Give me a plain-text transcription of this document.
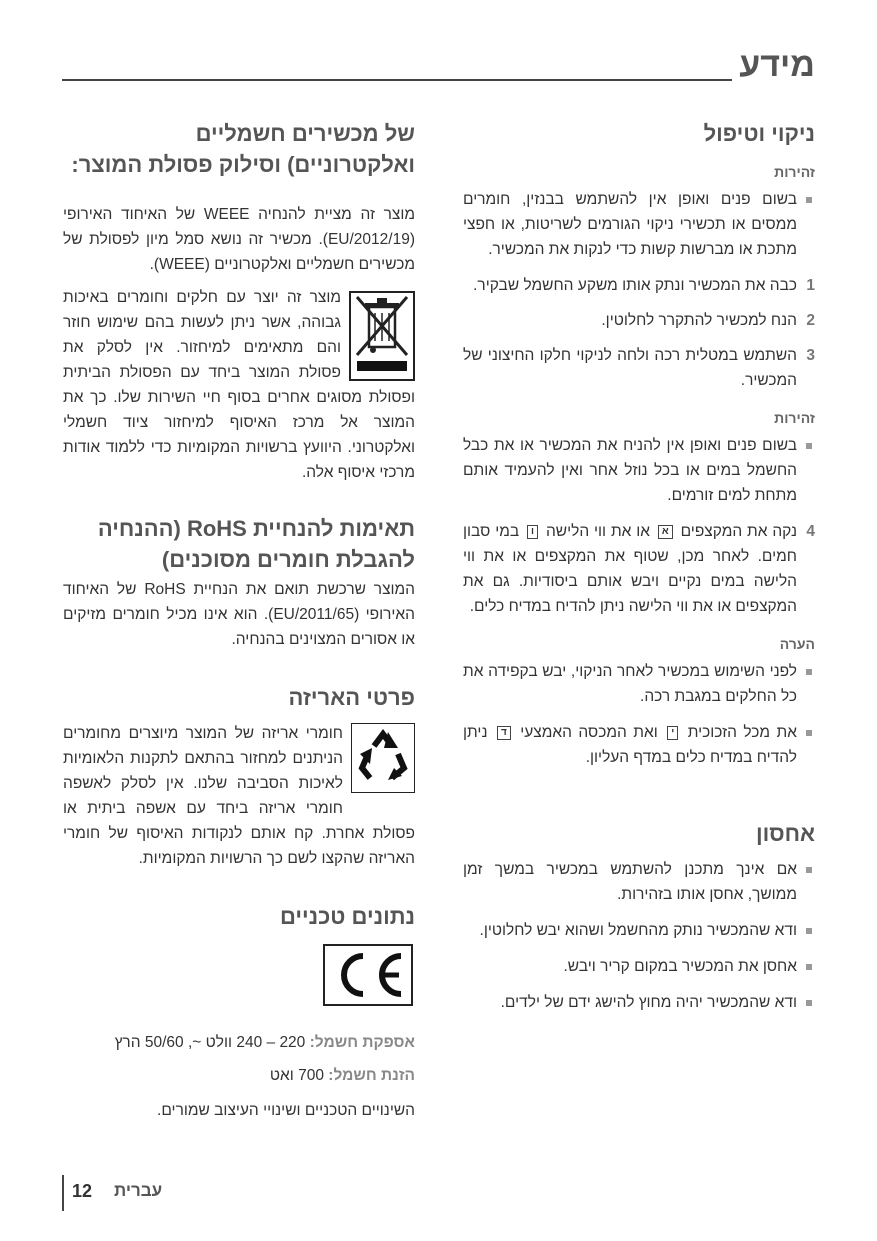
מידע
ניקוי וטיפול
זהירות
בשום פנים ואופן אין להשתמש בבנזין, חומרים ממסים או תכשירי ניקוי הגורמים לשריטות, או חפצי מתכת או מברשות קשות כדי לנקות את המכשיר.
1
כבה את המכשיר ונתק אותו משקע החשמל שבקיר.
2
הנח למכשיר להתקרר לחלוטין.
3
השתמש במטלית רכה ולחה לניקוי חלקו החיצוני של המכשיר.
זהירות
בשום פנים ואופן אין להניח את המכשיר או את כבל החשמל במים או בכל נוזל אחר ואין להעמיד אותם מתחת למים זורמים.
4
נקה את המקצפים א או את ווי הלישה ו במי סבון חמים. לאחר מכן, שטוף את המקצפים או את ווי הלישה במים נקיים ויבש אותם ביסודיות. גם את המקצפים או את ווי הלישה ניתן להדיח במדיח כלים.
הערה
לפני השימוש במכשיר לאחר הניקוי, יבש בקפידה את כל החלקים במגבת רכה.
את מכל הזכוכית י ואת המכסה האמצעי ד ניתן להדיח במדיח כלים במדף העליון.
אחסון
אם אינך מתכנן להשתמש במכשיר במשך זמן ממושך, אחסן אותו בזהירות.
ודא שהמכשיר נותק מהחשמל ושהוא יבש לחלוטין.
אחסן את המכשיר במקום קריר ויבש.
ודא שהמכשיר יהיה מחוץ להישג ידם של ילדים.
של מכשירים חשמליים ואלקטרוניים) וסילוק פסולת המוצר:

מוצר זה מציית להנחיה WEEE של האיחוד האירופי (EU/2012/19). מכשיר זה נושא סמל מיון לפסולת של מכשירים חשמליים ואלקטרוניים (WEEE).

מוצר זה יוצר עם חלקים וחומרים באיכות גבוהה, אשר ניתן לעשות בהם שימוש חוזר והם מתאימים למיחזור. אין לסלק את פסולת המוצר ביחד עם הפסולת הביתית ופסולת מסוגים אחרים בסוף חיי השירות שלו. כך את המוצר אל מרכז האיסוף למיחזור ציוד חשמלי ואלקטרוני. היוועץ ברשויות המקומיות כדי ללמוד אודות מרכזי איסוף אלה.

תאימות להנחיית RoHS (ההנחיה להגבלת חומרים מסוכנים)

המוצר שרכשת תואם את הנחיית RoHS של האיחוד האירופי (EU/2011/65). הוא אינו מכיל חומרים מזיקים או אסורים המצוינים בהנחיה.

פרטי האריזה

חומרי אריזה של המוצר מיוצרים מחומרים הניתנים למחזור בהתאם לתקנות הלאומיות לאיכות הסביבה שלנו. אין לסלק לאשפה חומרי אריזה ביחד עם אשפה ביתית או פסולת אחרת. קח אותם לנקודות האיסוף של חומרי האריזה שהקצו לשם כך הרשויות המקומיות.

נתונים טכניים

אספקת חשמל: 220 – 240 וולט ~, 50/60 הרץ

הזנת חשמל: 700 ואט

השינויים הטכניים ושינויי העיצוב שמורים.

12 עברית
